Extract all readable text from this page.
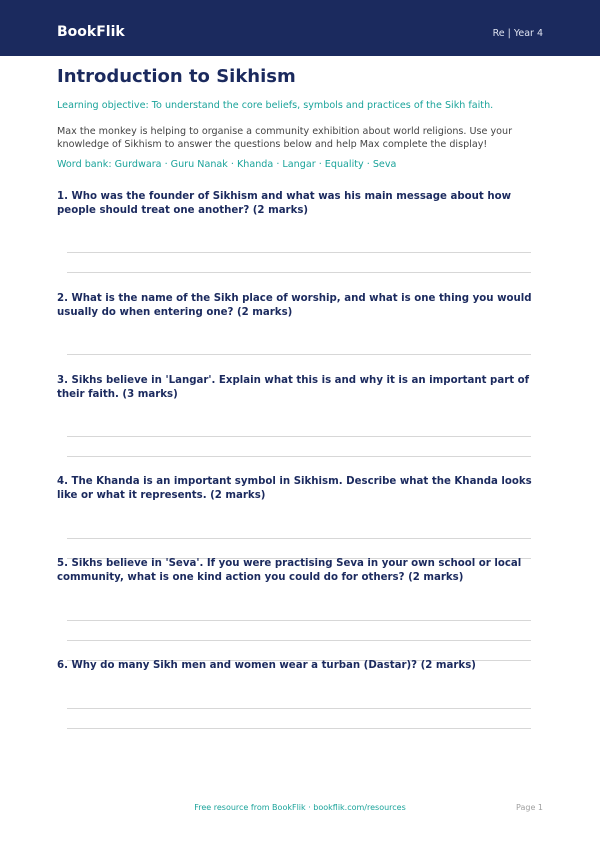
BookFlik	Re | Year 4
Introduction to Sikhism
Learning objective: To understand the core beliefs, symbols and practices of the Sikh faith.
Max the monkey is helping to organise a community exhibition about world religions. Use your knowledge of Sikhism to answer the questions below and help Max complete the display!
Word bank: Gurdwara · Guru Nanak · Khanda · Langar · Equality · Seva
1. Who was the founder of Sikhism and what was his main message about how people should treat one another? (2 marks)
2. What is the name of the Sikh place of worship, and what is one thing you would usually do when entering one? (2 marks)
3. Sikhs believe in 'Langar'. Explain what this is and why it is an important part of their faith. (3 marks)
4. The Khanda is an important symbol in Sikhism. Describe what the Khanda looks like or what it represents. (2 marks)
5. Sikhs believe in 'Seva'. If you were practising Seva in your own school or local community, what is one kind action you could do for others? (2 marks)
6. Why do many Sikh men and women wear a turban (Dastar)? (2 marks)
Free resource from BookFlik · bookflik.com/resources	Page 1
